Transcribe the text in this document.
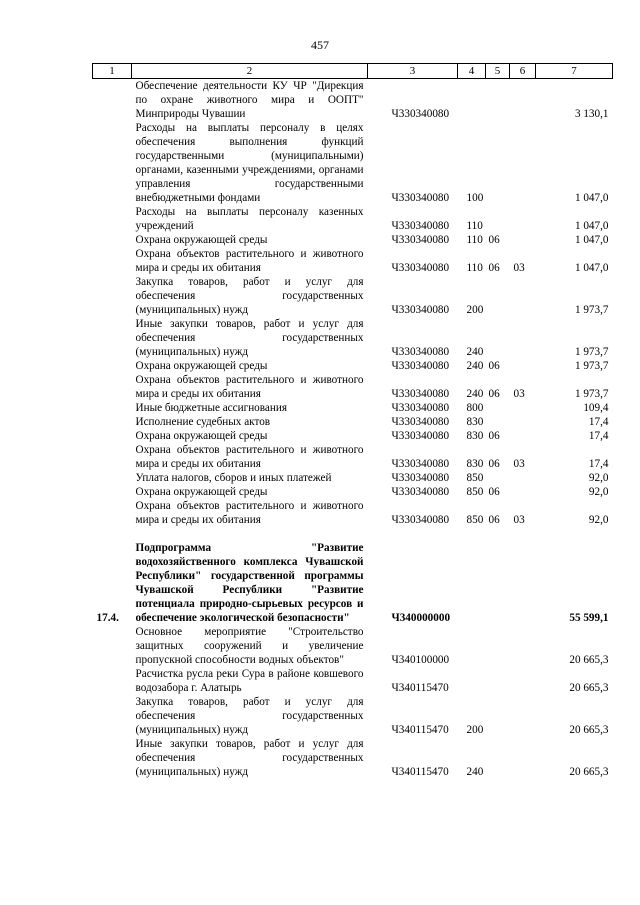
457
1	2	3	4	5	6	7
	Обеспечение деятельности КУ ЧР "Дирекция по охране животного мира и ООПТ" Минприроды Чувашии	Ч330340080				3 130,1
	Расходы на выплаты персоналу в целях обеспечения выполнения функций государственными (муниципальными) органами, казенными учреждениями, органами управления государственными внебюджетными фондами	Ч330340080	100			1 047,0
	Расходы на выплаты персоналу казенных учреждений	Ч330340080	110			1 047,0
	Охрана окружающей среды	Ч330340080	110	06		1 047,0
	Охрана объектов растительного и животного мира и среды их обитания	Ч330340080	110	06	03	1 047,0
	Закупка товаров, работ и услуг для обеспечения государственных (муниципальных) нужд	Ч330340080	200			1 973,7
	Иные закупки товаров, работ и услуг для обеспечения государственных (муниципальных) нужд	Ч330340080	240			1 973,7
	Охрана окружающей среды	Ч330340080	240	06		1 973,7
	Охрана объектов растительного и животного мира и среды их обитания	Ч330340080	240	06	03	1 973,7
	Иные бюджетные ассигнования	Ч330340080	800			109,4
	Исполнение судебных актов	Ч330340080	830			17,4
	Охрана окружающей среды	Ч330340080	830	06		17,4
	Охрана объектов растительного и животного мира и среды их обитания	Ч330340080	830	06	03	17,4
	Уплата налогов, сборов и иных платежей	Ч330340080	850			92,0
	Охрана окружающей среды	Ч330340080	850	06		92,0
	Охрана объектов растительного и животного мира и среды их обитания	Ч330340080	850	06	03	92,0

17.4.	Подпрограмма "Развитие водохозяйственного комплекса Чувашской Республики" государственной программы Чувашской Республики "Развитие потенциала природно-сырьевых ресурсов и обеспечение экологической безопасности"	Ч340000000				55 599,1
	Основное мероприятие "Строительство защитных сооружений и увеличение пропускной способности водных объектов"	Ч340100000				20 665,3
	Расчистка русла реки Сура в районе ковшевого водозабора г. Алатырь	Ч340115470				20 665,3
	Закупка товаров, работ и услуг для обеспечения государственных (муниципальных) нужд	Ч340115470	200			20 665,3
	Иные закупки товаров, работ и услуг для обеспечения государственных (муниципальных) нужд	Ч340115470	240			20 665,3
